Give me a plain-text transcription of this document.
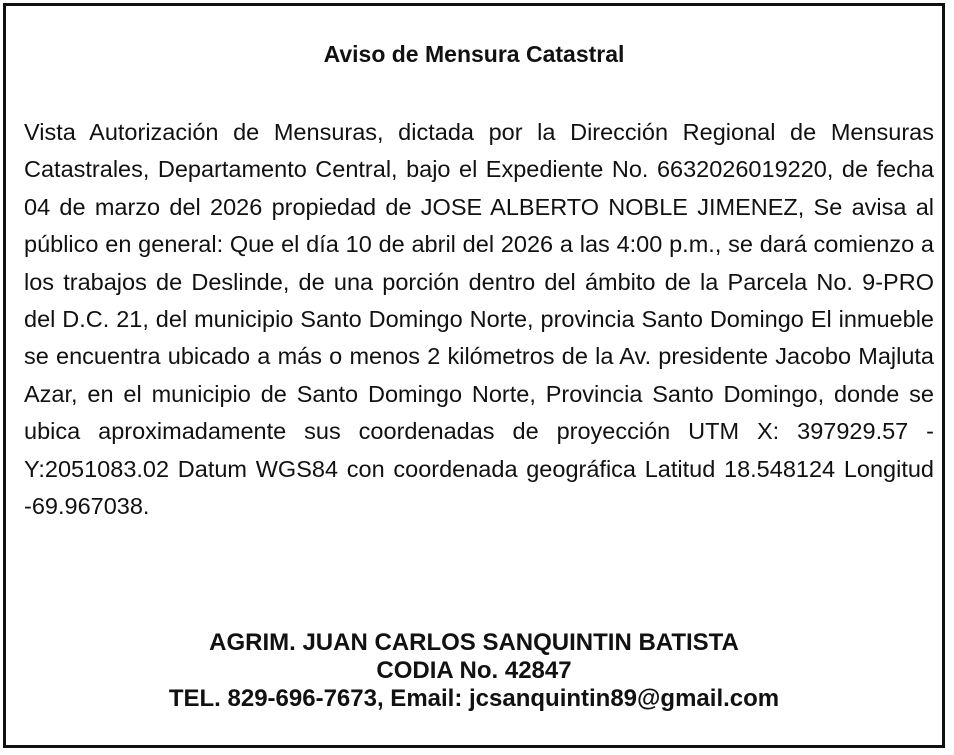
Aviso de Mensura Catastral

Vista Autorización de Mensuras, dictada por la Dirección Regional de Mensuras Catastrales, Departamento Central, bajo el Expediente No. 6632026019220, de fecha 04 de marzo del 2026 propiedad de JOSE ALBERTO NOBLE JIMENEZ, Se avisa al público en general: Que el día 10 de abril del 2026 a las 4:00 p.m., se dará comienzo a los trabajos de Deslinde, de una porción dentro del ámbito de la Parcela No. 9-PRO del D.C. 21, del municipio Santo Domingo Norte, provincia Santo Domingo El inmueble se encuentra ubicado a más o menos 2 kilómetros de la Av. presidente Jacobo Majluta Azar, en el municipio de Santo Domingo Norte, Provincia Santo Domingo, donde se ubica aproximadamente sus coordenadas de proyección UTM X: 397929.57 - Y:2051083.02 Datum WGS84 con coordenada geográfica Latitud 18.548124 Longitud -69.967038.

AGRIM. JUAN CARLOS SANQUINTIN BATISTA
CODIA No. 42847
TEL. 829-696-7673, Email: jcsanquintin89@gmail.com
